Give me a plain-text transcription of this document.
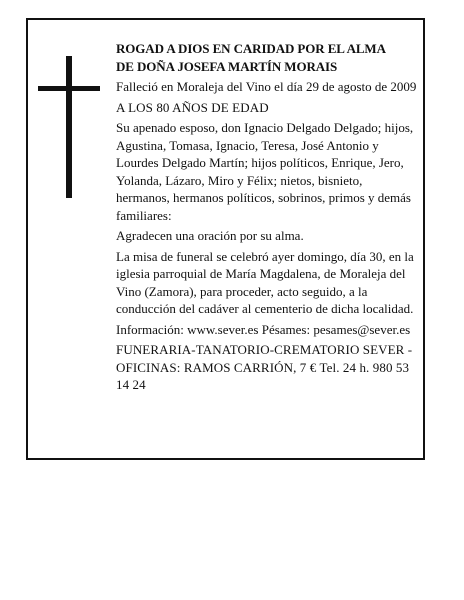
ROGAD A DIOS EN CARIDAD POR EL ALMA

DE DOÑA JOSEFA MARTÍN MORAIS

Falleció en Moraleja del Vino el día 29 de agosto de 2009

A LOS 80 AÑOS DE EDAD

Su apenado esposo, don Ignacio Delgado Delgado; hijos, Agustina, Tomasa, Ignacio, Teresa, José Antonio y Lourdes Delgado Martín; hijos políticos, Enrique, Jero, Yolanda, Lázaro, Miro y Félix; nietos, bisnieto, hermanos, hermanos políticos, sobrinos, primos y demás familiares:

Agradecen una oración por su alma.

La misa de funeral se celebró ayer domingo, día 30, en la iglesia parroquial de María Magdalena, de Moraleja del Vino (Zamora), para proceder, acto seguido, a la conducción del cadáver al cementerio de dicha localidad.

Información: www.sever.es Pésames: pesames@sever.es

FUNERARIA-TANATORIO-CREMATORIO SEVER - OFICINAS: RAMOS CARRIÓN, 7 € Tel. 24 h. 980 53 14 24
